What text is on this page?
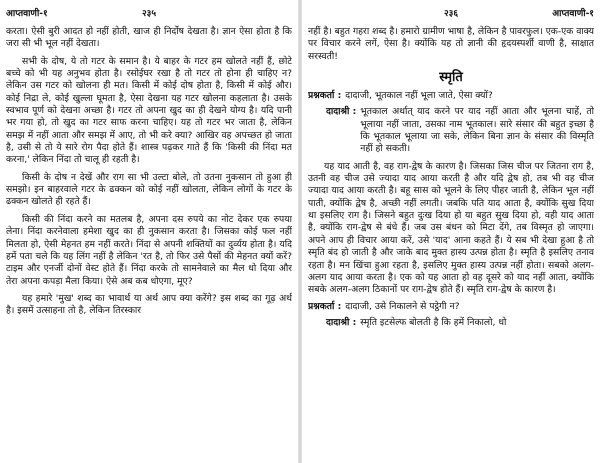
आप्तवाणी-१	२३५

करता। ऐसी बुरी आदत हो नहीं होती, खाज ही निर्दोष देखता है। ज्ञान ऐसा होता है कि जरा सी भी भूल नहीं देखता।

सभी के दोष, ये तो गटर के समान है। ये बाहर के गटर हम खोलते नहीं हैं, छोटे बच्चे को भी यह अनुभव होता है। रसोईघर रखा है तो गटर तो होना ही चाहिए न? लेकिन उस गटर को खोलना ही मत। किसी में कोई दोष होता है, किसी में कोई और। कोई निद्रा ले, कोई खुल्ला घूमता है, ऐसा देखना यह गटर खोलना कहलाता है। उसके स्वभाव पूर्ण को देखना अच्छा है। गटर तो अपना खुद का ही देखने योग्य है। यदि पानी भर गया हो, तो खुद का गटर साफ करना चाहिए। यह तो गटर भर जाता है, लेकिन समझ में नहीं आता और समझ में आए, तो भी करे क्या? आखिर वह अपच्छत हो जाता है, उसी से तो ये सारे रोग पैदा होते हैं। शास्त्र पढ़कर गाते हैं कि 'किसी की निंदा मत करना,' लेकिन निंदा तो चालू ही रहती है।

किसी के दोष न देखें और राग सा भी उल्टा बोले, तो उतना नुकसान तो हुआ ही समझो। इन बाहरवाले गटर के ढक्कन को कोई नहीं खोलता, लेकिन लोगों के गटर के ढक्कन खोलते ही रहते हैं।

किसी की निंदा करने का मतलब है, अपना दस रुपये का नोट देकर एक रुपया लेना। निंदा करनेवाला हमेशा खुद का ही नुकसान करता है। जिसका कोई फल नहीं मिलता हो, ऐसी मेहनत हम नहीं करते। निंदा से अपनी शक्तियों का दुर्व्यय होता है। यदि हमें पता चले कि यह लिंग नहीं है लेकिन 'रत है, तो फिर उसे पैसों की मेहनत क्यों करें? टाइम और एनर्जी दोनों वेस्ट होते हैं। निंदा करके तो सामनेवाले का मैल धो दिया और तेरा अपना कपड़ा मैला किया। ऐसे अब कब धोएगा, मूए?

यह हमारे 'मुख' शब्द का भावार्थ या अर्थ आप क्या करेंगे? इस शब्द का गूढ़ अर्थ है। इसमें उत्साहना तो है, लेकिन तिरस्कार

२३६	आप्तवाणी-१

नहीं है। बहुत गहरा शब्द है। हमारो ग्रामीण भाषा है, लेकिन है पावरफुल। एक-एक वाक्य पर विचार करने लगें, ऐसा है। क्योंकि यह तो ज्ञानी की हृदयस्पर्शी वाणी है, साक्षात सरस्वती!

स्मृति
प्रश्नकर्ता : दादाजी, भूतकाल नहीं भूला जाते, ऐसा क्यों?

दादाश्री : भूतकाल अर्थात् याद करने पर याद नहीं आता और भूलना चाहें, तो भूलाया नहीं जाता, उसका नाम भूतकाल। सारे संसार की बहुत इच्छा है कि भूतकाल भूलाया जा सके, लेकिन बिना ज्ञान के संसार की विस्मृति नहीं हो सकती।

यह याद आती है, वह राग-द्वेष के कारण है। जिसका जिस चीज पर जितना राग है, उतनी वह चीज उसे ज्यादा याद आया करती है और यदि द्वेष हो, तब भी वह चीज ज्यादा याद आया करती है। बहू सास को भूलने के लिए पीहर जाती है, लेकिन भूल नहीं पाती, क्योंकि द्वेष है, अच्छी नहीं लगती। जबकि पति याद आता है, क्योंकि सुख दिया था इसलिए राग है। जिसने बहुत दुःख दिया हो या बहुत सुख दिया हो, वही याद आता है, क्योंकि राग-द्वेष से बंधे हैं। जब उस बंधन को मिटा देंगे, तब विस्मृत हो जाएगा। अपने आप ही विचार आया करें, उसे 'याद' आना कहते हैं। ये सब भी देखा हुआ है तो स्मृति बंद हो जाती है और जाके बाद मुक्त हास्य उत्पन्न होता है। स्मृति है इसलिए तनाव रहता है। मन खिंचा हुआ रहता है, इसलिए मुक्त हास्य उत्पन्न नहीं होता। सबको अलग-अलग याद आया करता है। एक को यह आता हो वह दूसरे को याद नहीं आता, क्योंकि सबके अलग-अलग ठिकानों पर राग-द्वेष होते हैं। स्मृति राग-द्वेष के कारण है।

प्रश्नकर्ता : दादाजी, उसे निकालने से पट्ठेगी न?

दादाश्री : स्मृति इटसेल्फ बोलती है कि हमें निकालो, धो
